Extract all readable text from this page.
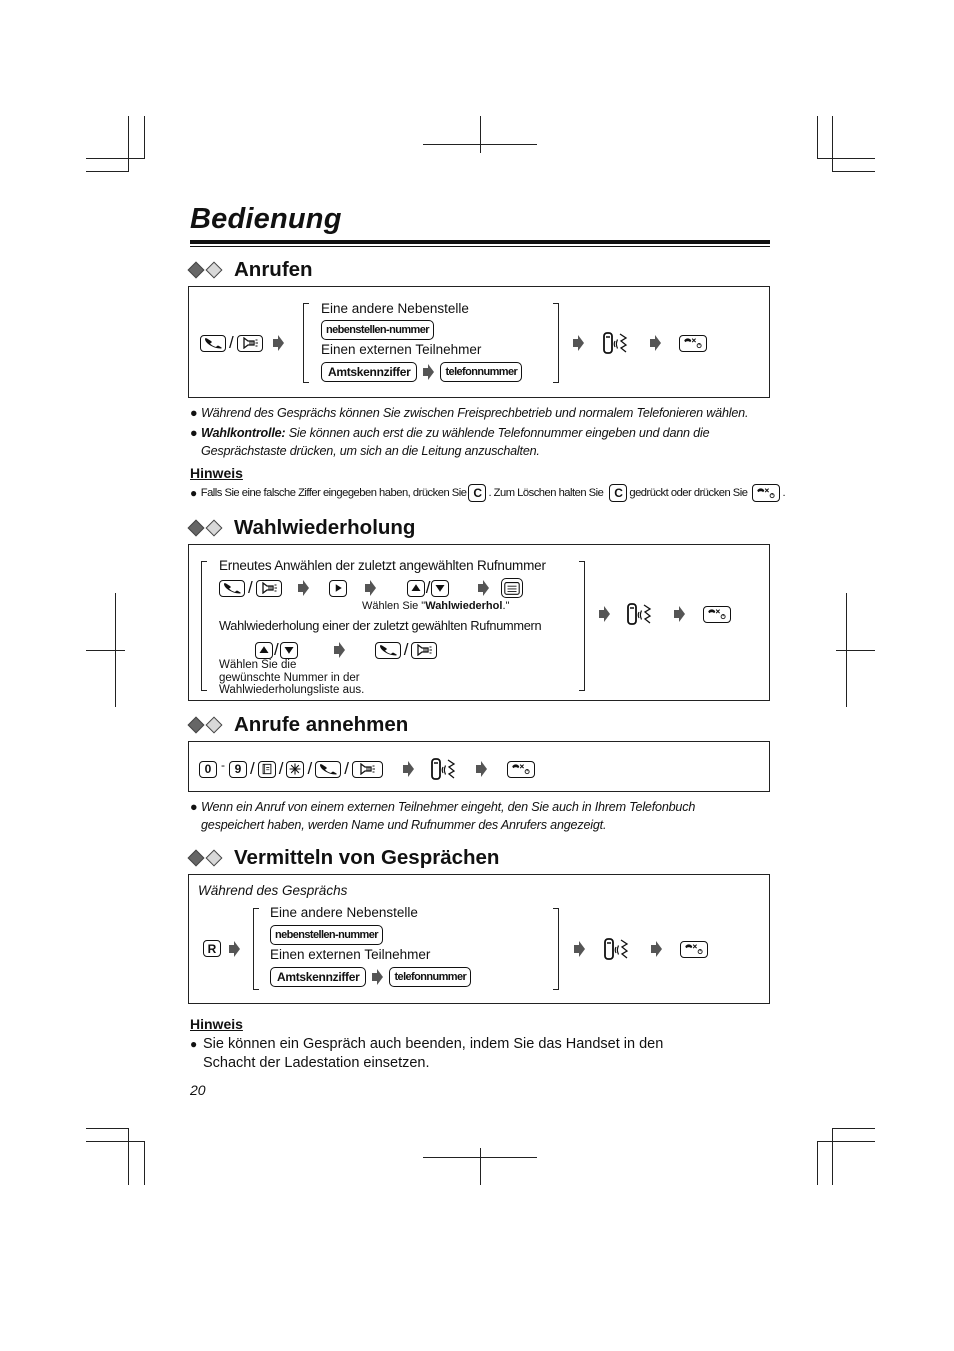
Bedienung
Anrufen
/
Eine andere Nebenstelle
nebenstellen-nummer
Einen externen Teilnehmer
Amtskennziffer	telefonnummer
● Während des Gesprächs können Sie zwischen Freisprechbetrieb und normalem Telefonieren wählen.
● Wahlkontrolle: Sie können auch erst die zu wählende Telefonnummer eingeben und dann die
Gesprächstaste drücken, um sich an die Leitung anzuschalten.
Hinweis
● Falls Sie eine falsche Ziffer eingegeben haben, drücken Sie C . Zum Löschen halten Sie C gedrückt oder drücken Sie	.
Wahlwiederholung
Erneutes Anwählen der zuletzt angewählten Rufnummer
/	/
Wählen Sie "Wahlwiederhol."
Wahlwiederholung einer der zuletzt gewählten Rufnummern
/	/
Wählen Sie die
gewünschte Nummer in der
Wahlwiederholungsliste aus.
Anrufe annehmen
0 - 9 / / / /
● Wenn ein Anruf von einem externen Teilnehmer eingeht, den Sie auch in Ihrem Telefonbuch
gespeichert haben, werden Name und Rufnummer des Anrufers angezeigt.
Vermitteln von Gesprächen
Während des Gesprächs
R
Eine andere Nebenstelle
nebenstellen-nummer
Einen externen Teilnehmer
Amtskennziffer	telefonnummer
Hinweis
● Sie können ein Gespräch auch beenden, indem Sie das Handset in den
Schacht der Ladestation einsetzen.
20
